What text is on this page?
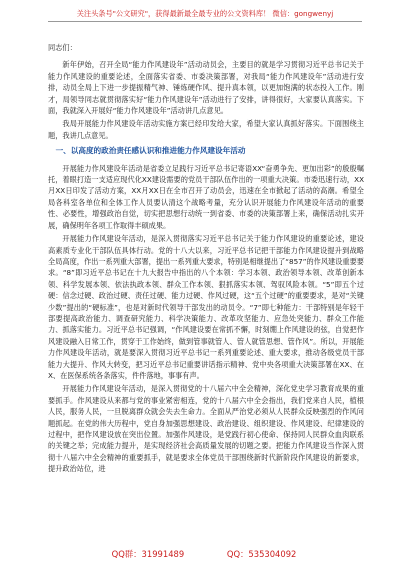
关注头条号"公文研究"，获得最新最全最专业的公文资料库！ 微信：gongwenyj

同志们：

新年伊始，召开全局“能力作风建设年”活动动员会，主要目的就是学习贯彻习近平总书记关于能力作风建设的重要论述，全面落实省委、市委决策部署，对我局“能力作风建设年”活动进行安排，动员全局上下进一步提振精气神、锤炼硬作风、提升真本领，以更加饱满的状态投入工作。刚才，局领导同志就贯彻落实好“能力作风建设年”活动进行了安排，讲得很好，大家要认真落实。下面，我就深入开展好“能力作风建设年”活动讲几点意见。

我局开展能力作风建设年活动实施方案已经印发给大家，希望大家认真抓好落实。下面围绕主题，我讲几点意见。

一、以高度的政治责任感认识和推进能力作风建设年活动

开展能力作风建设年活动是省委立足践行习近平总书记寄语XX“奋勇争先、更加出彩”的殷殷嘱托，着眼打造一支适应现代化XX建设需要的党员干部队伍作出的一项重大决策。市委迅速行动，XX月XX日印发了活动方案，XX月XX日在全市召开了动员会，迅速在全市掀起了活动的高潮。希望全局各科室各单位和全体工作人员要认清这个战略考量，充分认识开展能力作风建设年活动的重要性、必要性，增强政治自觉，切实把思想行动统一到省委、市委的决策部署上来，确保活动扎实开展，确保明年各项工作取得丰硕成果。

开展能力作风建设年活动，是深入贯彻落实习近平总书记关于能力作风建设的重要论述，建设高素质专业化干部队伍具体行动。党的十八大以来，习近平总书记把干部能力作风建设提升到战略全局高度，作出一系列重大部署，提出一系列重大要求，特别是相继提出了“857”的作风建设重要要求。“8”即习近平总书记在十九大报告中指出的八个本领：学习本领、政治领导本领、改革创新本领、科学发展本领、依法执政本领、群众工作本领、狠抓落实本领、驾驭风险本领。“5”即五个过硬：信念过硬、政治过硬、责任过硬、能力过硬、作风过硬，这“五个过硬”的重要要求，是对“关键少数”提出的“硬标准”，也是对新时代领导干部发出的动员令。“7”即七种能力：干部特别是年轻干部要提高政治能力、调查研究能力、科学决策能力、改革攻坚能力、应急处突能力、群众工作能力、抓落实能力。习近平总书记强调，“作风建设要在常抓不懈，时刻绷上作风建设的弦，自觉把作风建设融入日常工作，贯穿于工作始终，做到管事就管人、管人就管思想、管作风”。所以，开展能力作风建设年活动，就是要深入贯彻习近平总书记一系列重要论述、重大要求，推动各级党员干部能力大提升、作风大转变，把习近平总书记重要讲话指示精神、党中央各项重大决策部署在XX、在X、在医保系统各条落实，件件落地，事事有声。

开展能力作风建设年活动，是深入贯彻党的十八届六中全会精神，深化党史学习教育成果的重要抓手。作风建设从来都与党的事业紧密相连，党的十八届六中全会指出，我们党来自人民，植根人民，服务人民，一旦脱离群众就会失去生命力。全面从严治党必须从人民群众反映强烈的作风问题抓起。在党的伟大历程中，党自身加强思想建设、政治建设、组织建设、作风建设、纪律建设的过程中，把作风建设放在突出位置。加强作风建设，是党践行初心使命、保持同人民群众血肉联系的关键之举；完成能力提升，是实现经济社会高质量发展的切题之要。把能力作风建设当作深入贯彻十八届六中全会精神的重要抓手，就是要求全体党员干部围绕新时代新阶段作风建设的新要求，提升政治站位，进

QQ群：31991489	QQ：535304092
